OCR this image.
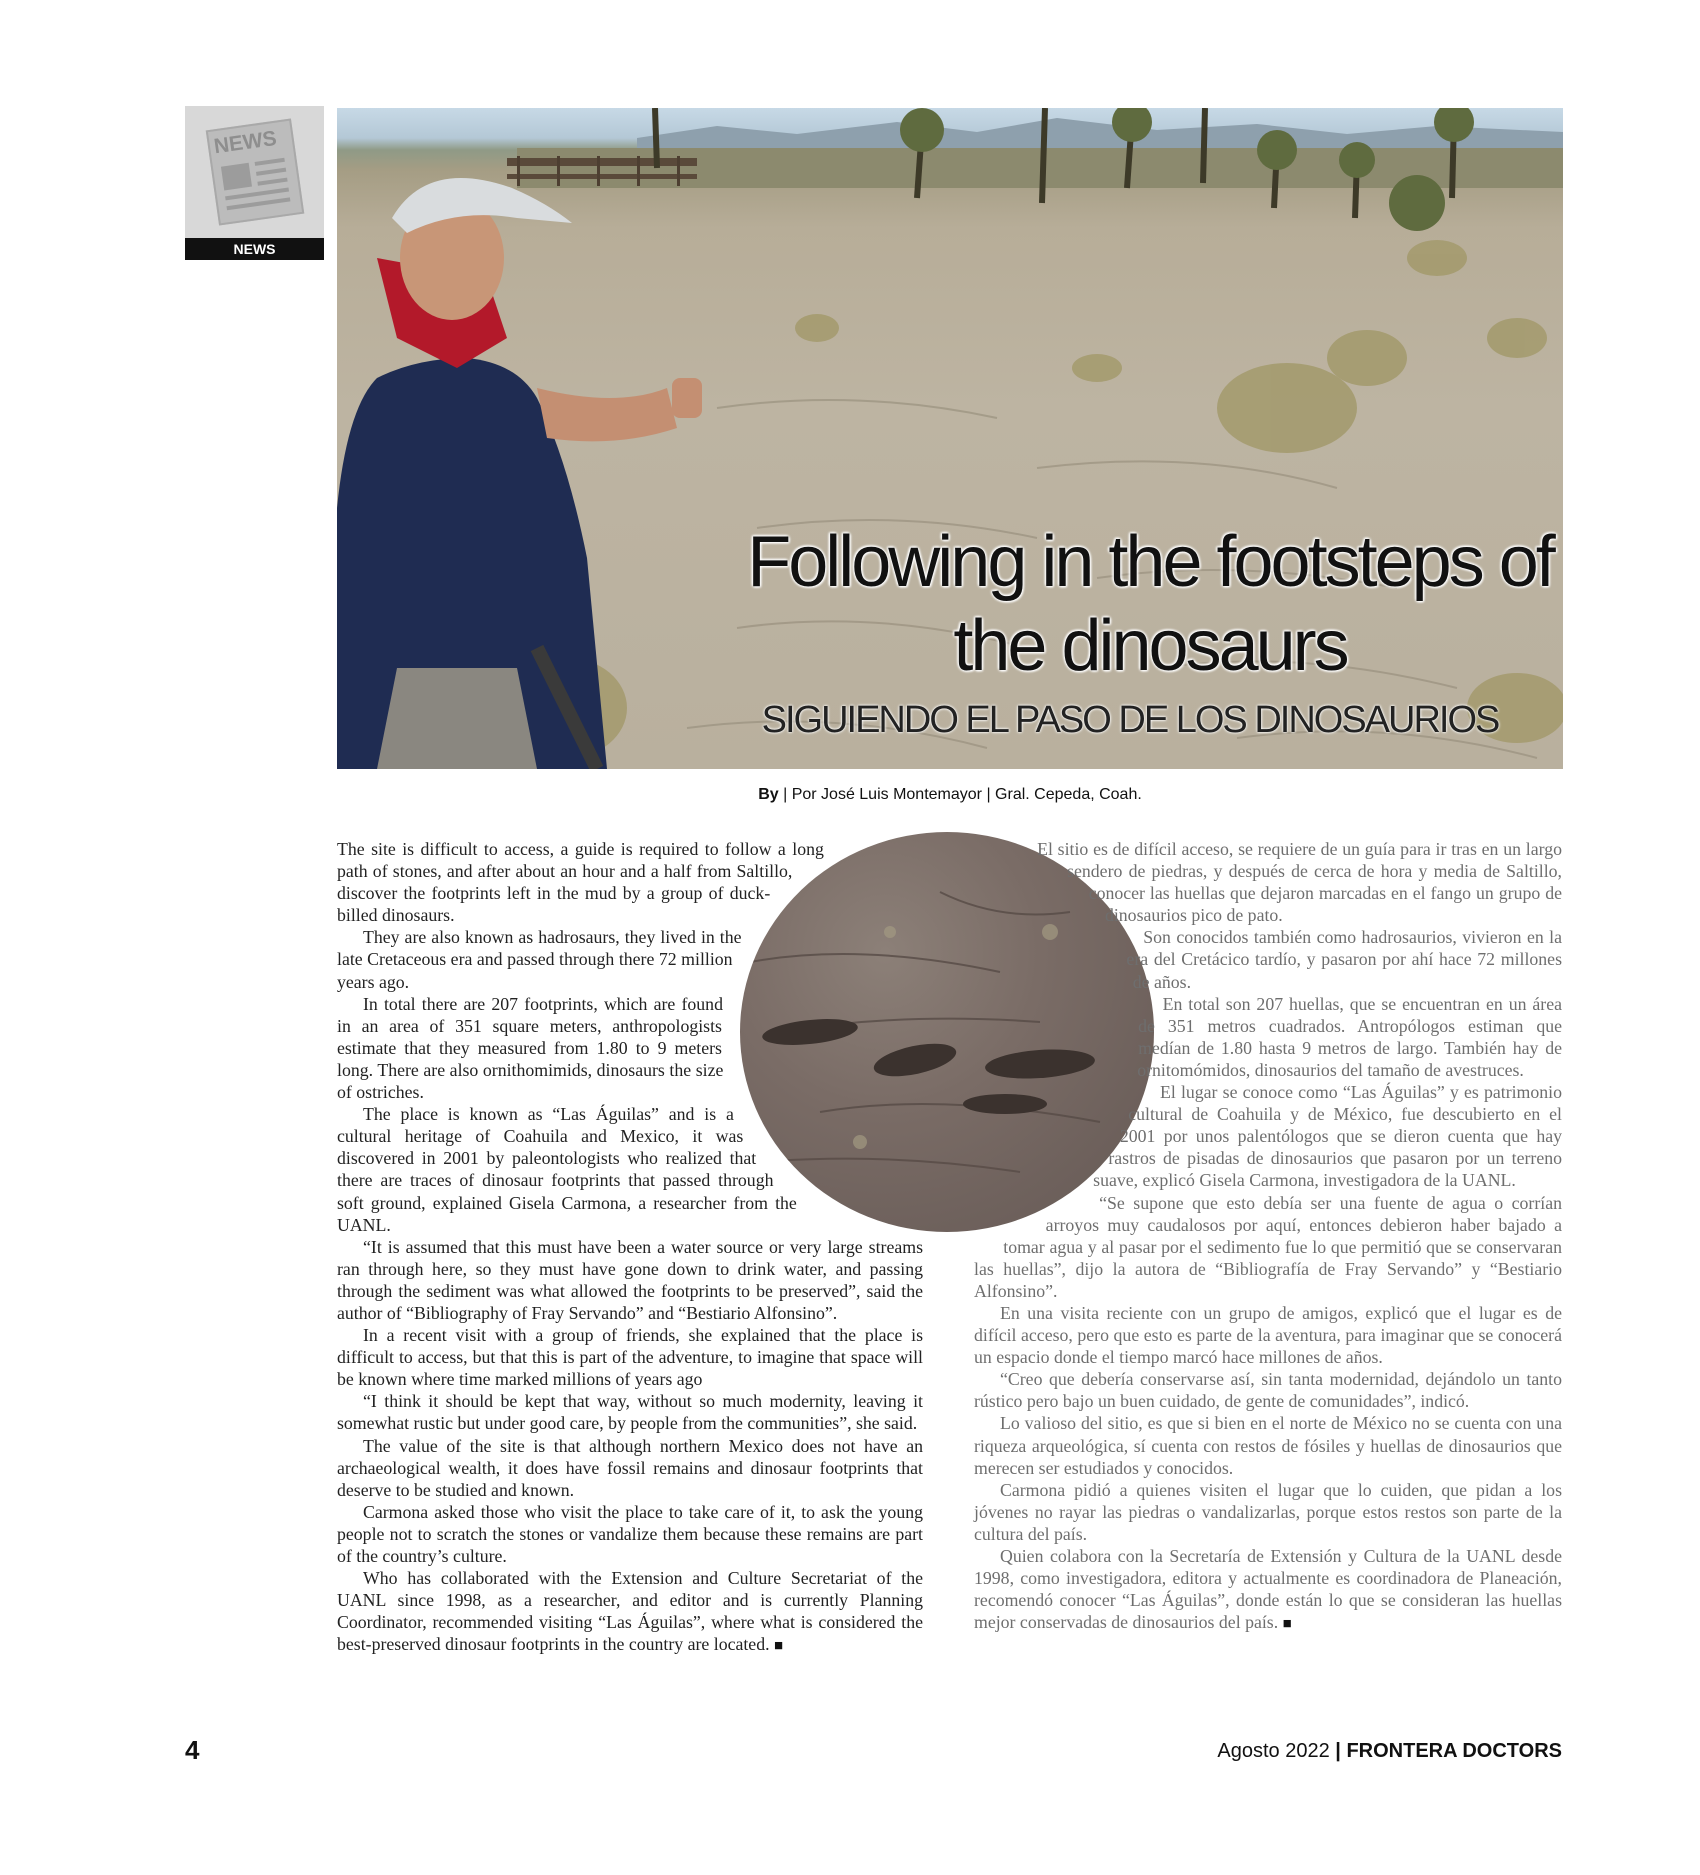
NEWS
NEWS
Following in the footsteps of the dinosaurs
SIGUIENDO EL PASO DE LOS DINOSAURIOS
By | Por José Luis Montemayor | Gral. Cepeda, Coah.

The site is difficult to access, a guide is required to follow a long path of stones, and after about an hour and a half from Saltillo, discover the footprints left in the mud by a group of duck-billed dinosaurs.

They are also known as hadrosaurs, they lived in the late Cretaceous era and passed through there 72 million years ago.

In total there are 207 footprints, which are found in an area of 351 square meters, anthropologists estimate that they measured from 1.80 to 9 meters long. There are also ornithomimids, dinosaurs the size of ostriches.

The place is known as “Las Águilas” and is a cultural heritage of Coahuila and Mexico, it was discovered in 2001 by paleontologists who realized that there are traces of dinosaur footprints that passed through soft ground, explained Gisela Carmona, a researcher from the UANL.

“It is assumed that this must have been a water source or very large streams ran through here, so they must have gone down to drink water, and passing through the sediment was what allowed the footprints to be preserved”, said the author of “Bibliography of Fray Servando” and “Bestiario Alfonsino”.

In a recent visit with a group of friends, she explained that the place is difficult to access, but that this is part of the adventure, to imagine that space will be known where time marked millions of years ago

“I think it should be kept that way, without so much modernity, leaving it somewhat rustic but under good care, by people from the communities”, she said.

The value of the site is that although northern Mexico does not have an archaeological wealth, it does have fossil remains and dinosaur footprints that deserve to be studied and known.

Carmona asked those who visit the place to take care of it, to ask the young people not to scratch the stones or vandalize them because these remains are part of the country’s culture.

Who has collaborated with the Extension and Culture Secretariat of the UANL since 1998, as a researcher, and editor and is currently Planning Coordinator, recommended visiting “Las Águilas”, where what is considered the best-preserved dinosaur footprints in the country are located. ■

El sitio es de difícil acceso, se requiere de un guía para ir tras en un largo sendero de piedras, y después de cerca de hora y media de Saltillo, conocer las huellas que dejaron marcadas en el fango un grupo de dinosaurios pico de pato.

Son conocidos también como hadrosaurios, vivieron en la era del Cretácico tardío, y pasaron por ahí hace 72 millones de años.

En total son 207 huellas, que se encuentran en un área de 351 metros cuadrados. Antropólogos estiman que medían de 1.80 hasta 9 metros de largo. También hay de ornitomómidos, dinosaurios del tamaño de avestruces.

El lugar se conoce como “Las Águilas” y es patrimonio cultural de Coahuila y de México, fue descubierto en el 2001 por unos palentólogos que se dieron cuenta que hay rastros de pisadas de dinosaurios que pasaron por un terreno suave, explicó Gisela Carmona, investigadora de la UANL.

“Se supone que esto debía ser una fuente de agua o corrían arroyos muy caudalosos por aquí, entonces debieron haber bajado a tomar agua y al pasar por el sedimento fue lo que permitió que se conservaran las huellas”, dijo la autora de “Bibliografía de Fray Servando” y “Bestiario Alfonsino”.

En una visita reciente con un grupo de amigos, explicó que el lugar es de difícil acceso, pero que esto es parte de la aventura, para imaginar que se conocerá un espacio donde el tiempo marcó hace millones de años.

“Creo que debería conservarse así, sin tanta modernidad, dejándolo un tanto rústico pero bajo un buen cuidado, de gente de comunidades”, indicó.

Lo valioso del sitio, es que si bien en el norte de México no se cuenta con una riqueza arqueológica, sí cuenta con restos de fósiles y huellas de dinosaurios que merecen ser estudiados y conocidos.

Carmona pidió a quienes visiten el lugar que lo cuiden, que pidan a los jóvenes no rayar las piedras o vandalizarlas, porque estos restos son parte de la cultura del país.

Quien colabora con la Secretaría de Extensión y Cultura de la UANL desde 1998, como investigadora, editora y actualmente es coordinadora de Planeación, recomendó conocer “Las Águilas”, donde están lo que se consideran las huellas mejor conservadas de dinosaurios del país. ■

4	Agosto 2022 | FRONTERA DOCTORS
